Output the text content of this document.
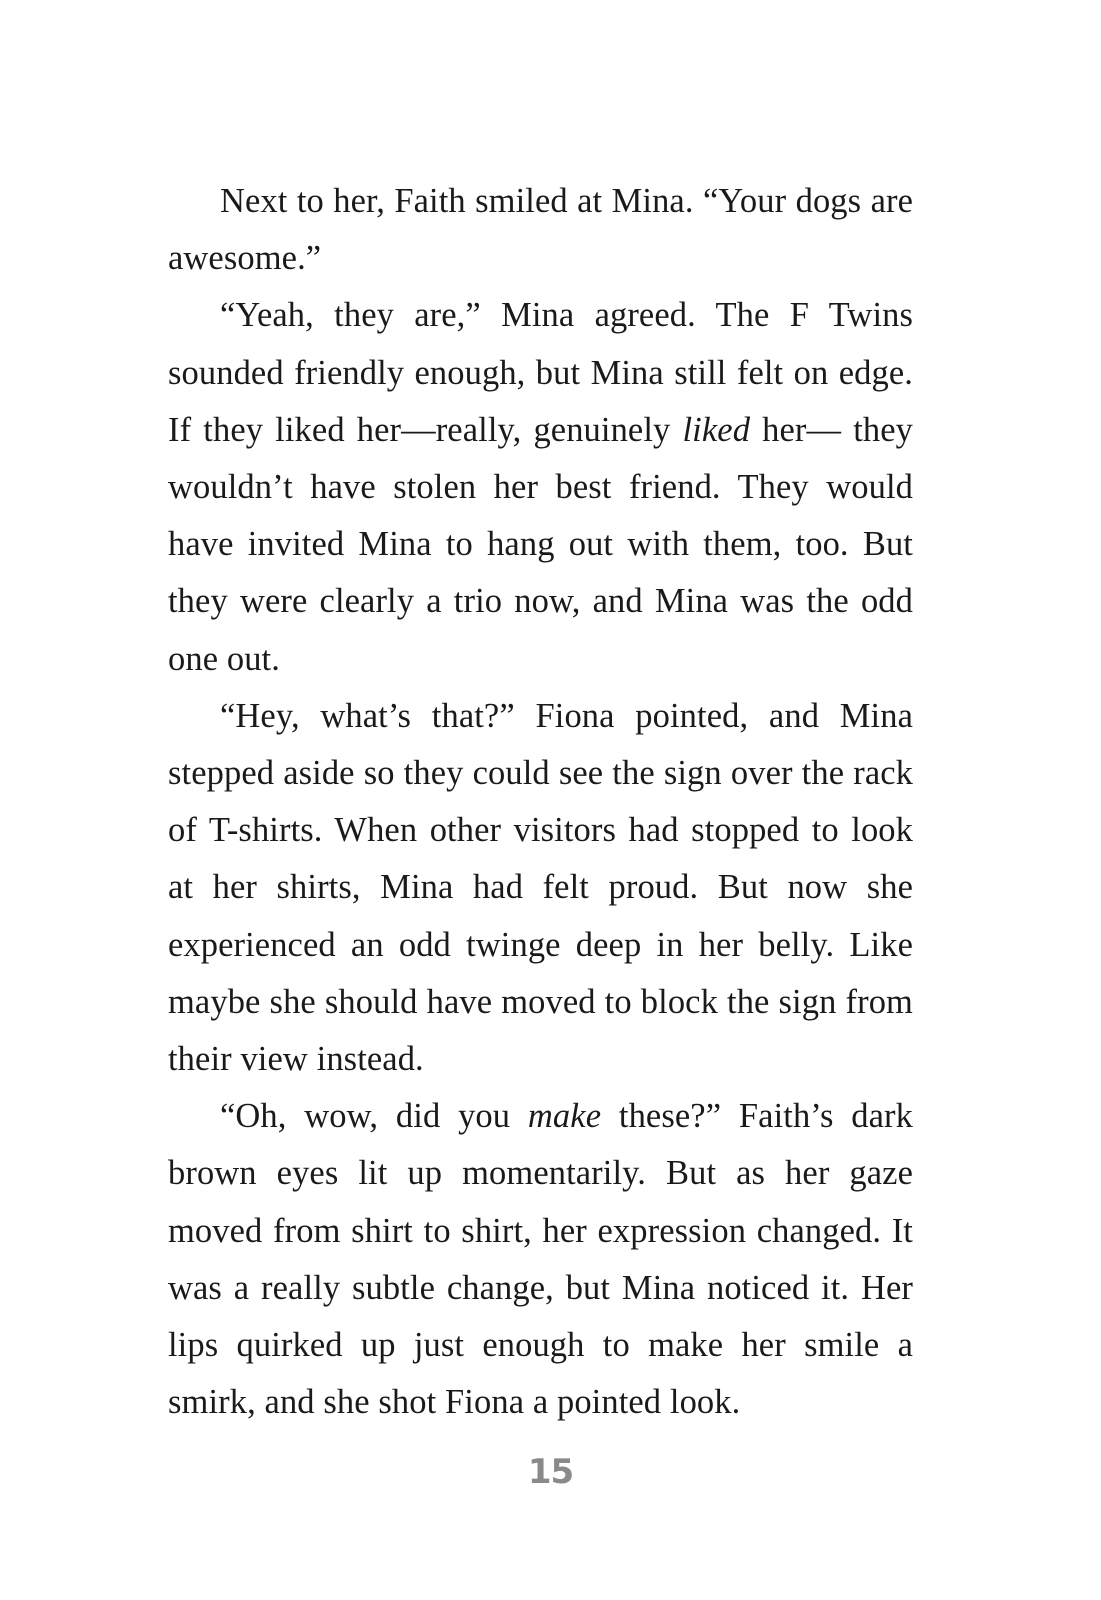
Next to her, Faith smiled at Mina. “Your dogs are awesome.”

“Yeah, they are,” Mina agreed. The F Twins sounded friendly enough, but Mina still felt on edge. If they liked her—really, genuinely liked her— they wouldn’t have stolen her best friend. They would have invited Mina to hang out with them, too. But they were clearly a trio now, and Mina was the odd one out.

“Hey, what’s that?” Fiona pointed, and Mina stepped aside so they could see the sign over the rack of T-shirts. When other visitors had stopped to look at her shirts, Mina had felt proud. But now she experienced an odd twinge deep in her belly. Like maybe she should have moved to block the sign from their view instead.

“Oh, wow, did you make these?” Faith’s dark brown eyes lit up momentarily. But as her gaze moved from shirt to shirt, her expression changed. It was a really subtle change, but Mina noticed it. Her lips quirked up just enough to make her smile a smirk, and she shot Fiona a pointed look.

15
